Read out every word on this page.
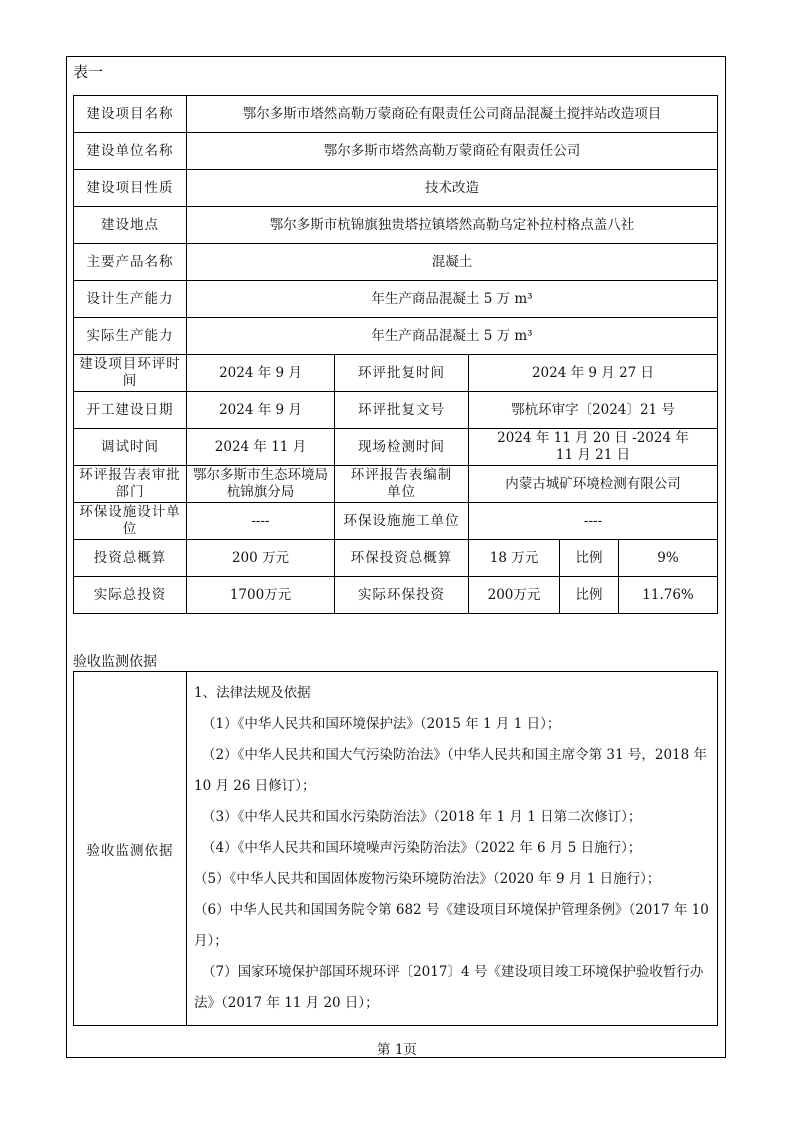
表一
建设项目名称	鄂尔多斯市塔然高勒万蒙商砼有限责任公司商品混凝土搅拌站改造项目				
建设单位名称	鄂尔多斯市塔然高勒万蒙商砼有限责任公司				
建设项目性质	技术改造				
建设地点	鄂尔多斯市杭锦旗独贵塔拉镇塔然高勒乌定补拉村格点盖八社				
主要产品名称	混凝土				
设计生产能力	年生产商品混凝土 5 万 m³				
实际生产能力	年生产商品混凝土 5 万 m³				
建设项目环评时间	2024 年 9 月	环评批复时间	2024 年 9 月 27 日		
开工建设日期	2024 年 9 月	环评批复文号	鄂杭环审字〔2024〕21 号		
调试时间	2024 年 11 月	现场检测时间	2024 年 11 月 20 日 -2024 年 11 月 21 日		
环评报告表审批部门	鄂尔多斯市生态环境局杭锦旗分局	环评报告表编制单位	内蒙古城矿环境检测有限公司		
环保设施设计单位	----	环保设施施工单位	----		
投资总概算	200 万元	环保投资总概算	18 万元	比例	9%
实际总投资	1700万元	实际环保投资	200万元	比例	11.76%
验收监测依据
验收监测依据	
1、法律法规及依据
（1）《中华人民共和国环境保护法》（2015 年 1 月 1 日）；
（2）《中华人民共和国大气污染防治法》（中华人民共和国主席令第 31 号，2018 年 10 月 26 日修订）；
（3）《中华人民共和国水污染防治法》（2018 年 1 月 1 日第二次修订）；
（4）《中华人民共和国环境噪声污染防治法》（2022 年 6 月 5 日施行）；
（5）《中华人民共和国固体废物污染环境防治法》（2020 年 9 月 1 日施行）；
（6）中华人民共和国国务院令第 682 号《建设项目环境保护管理条例》（2017 年 10 月）；
（7）国家环境保护部国环规环评〔2017〕4 号《建设项目竣工环境保护验收暂行办法》（2017 年 11 月 20 日）；
第 1页
